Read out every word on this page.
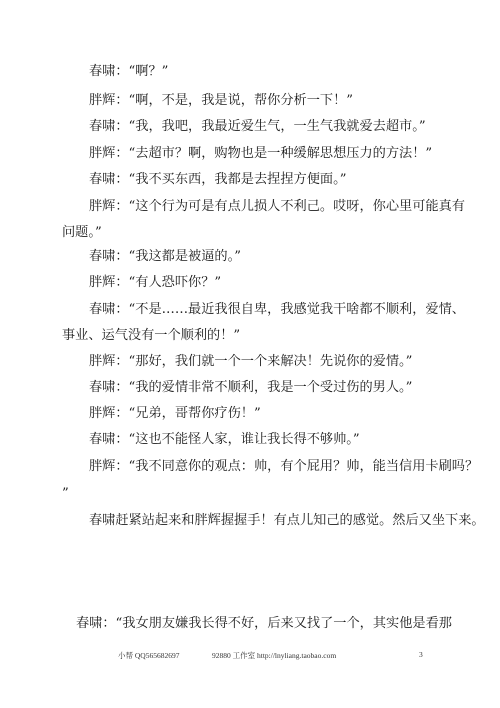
春啸：“啊？”
胖辉：“啊，不是，我是说，帮你分析一下！”
春啸：“我，我吧，我最近爱生气，一生气我就爱去超市。”
胖辉：“去超市？啊，购物也是一种缓解思想压力的方法！”
春啸：“我不买东西，我都是去捏捏方便面。”
胖辉：“这个行为可是有点儿损人不利己。哎呀，你心里可能真有
问题。”
春啸：“我这都是被逼的。”
胖辉：“有人恐吓你？”
春啸：“不是……最近我很自卑，我感觉我干啥都不顺利，爱情、
事业、运气没有一个顺利的！”
胖辉：“那好，我们就一个一个来解决！先说你的爱情。”
春啸：“我的爱情非常不顺利，我是一个受过伤的男人。”
胖辉：“兄弟，哥帮你疗伤！”
春啸：“这也不能怪人家，谁让我长得不够帅。”
胖辉：“我不同意你的观点：帅，有个屁用？帅，能当信用卡刷吗？
”
春啸赶紧站起来和胖辉握握手！有点儿知己的感觉。然后又坐下来。
春啸：“我女朋友嫌我长得不好，后来又找了一个，其实他是看那
小帮 QQ565682697	92880 工作室 http://lnyliang.taobao.com	3
